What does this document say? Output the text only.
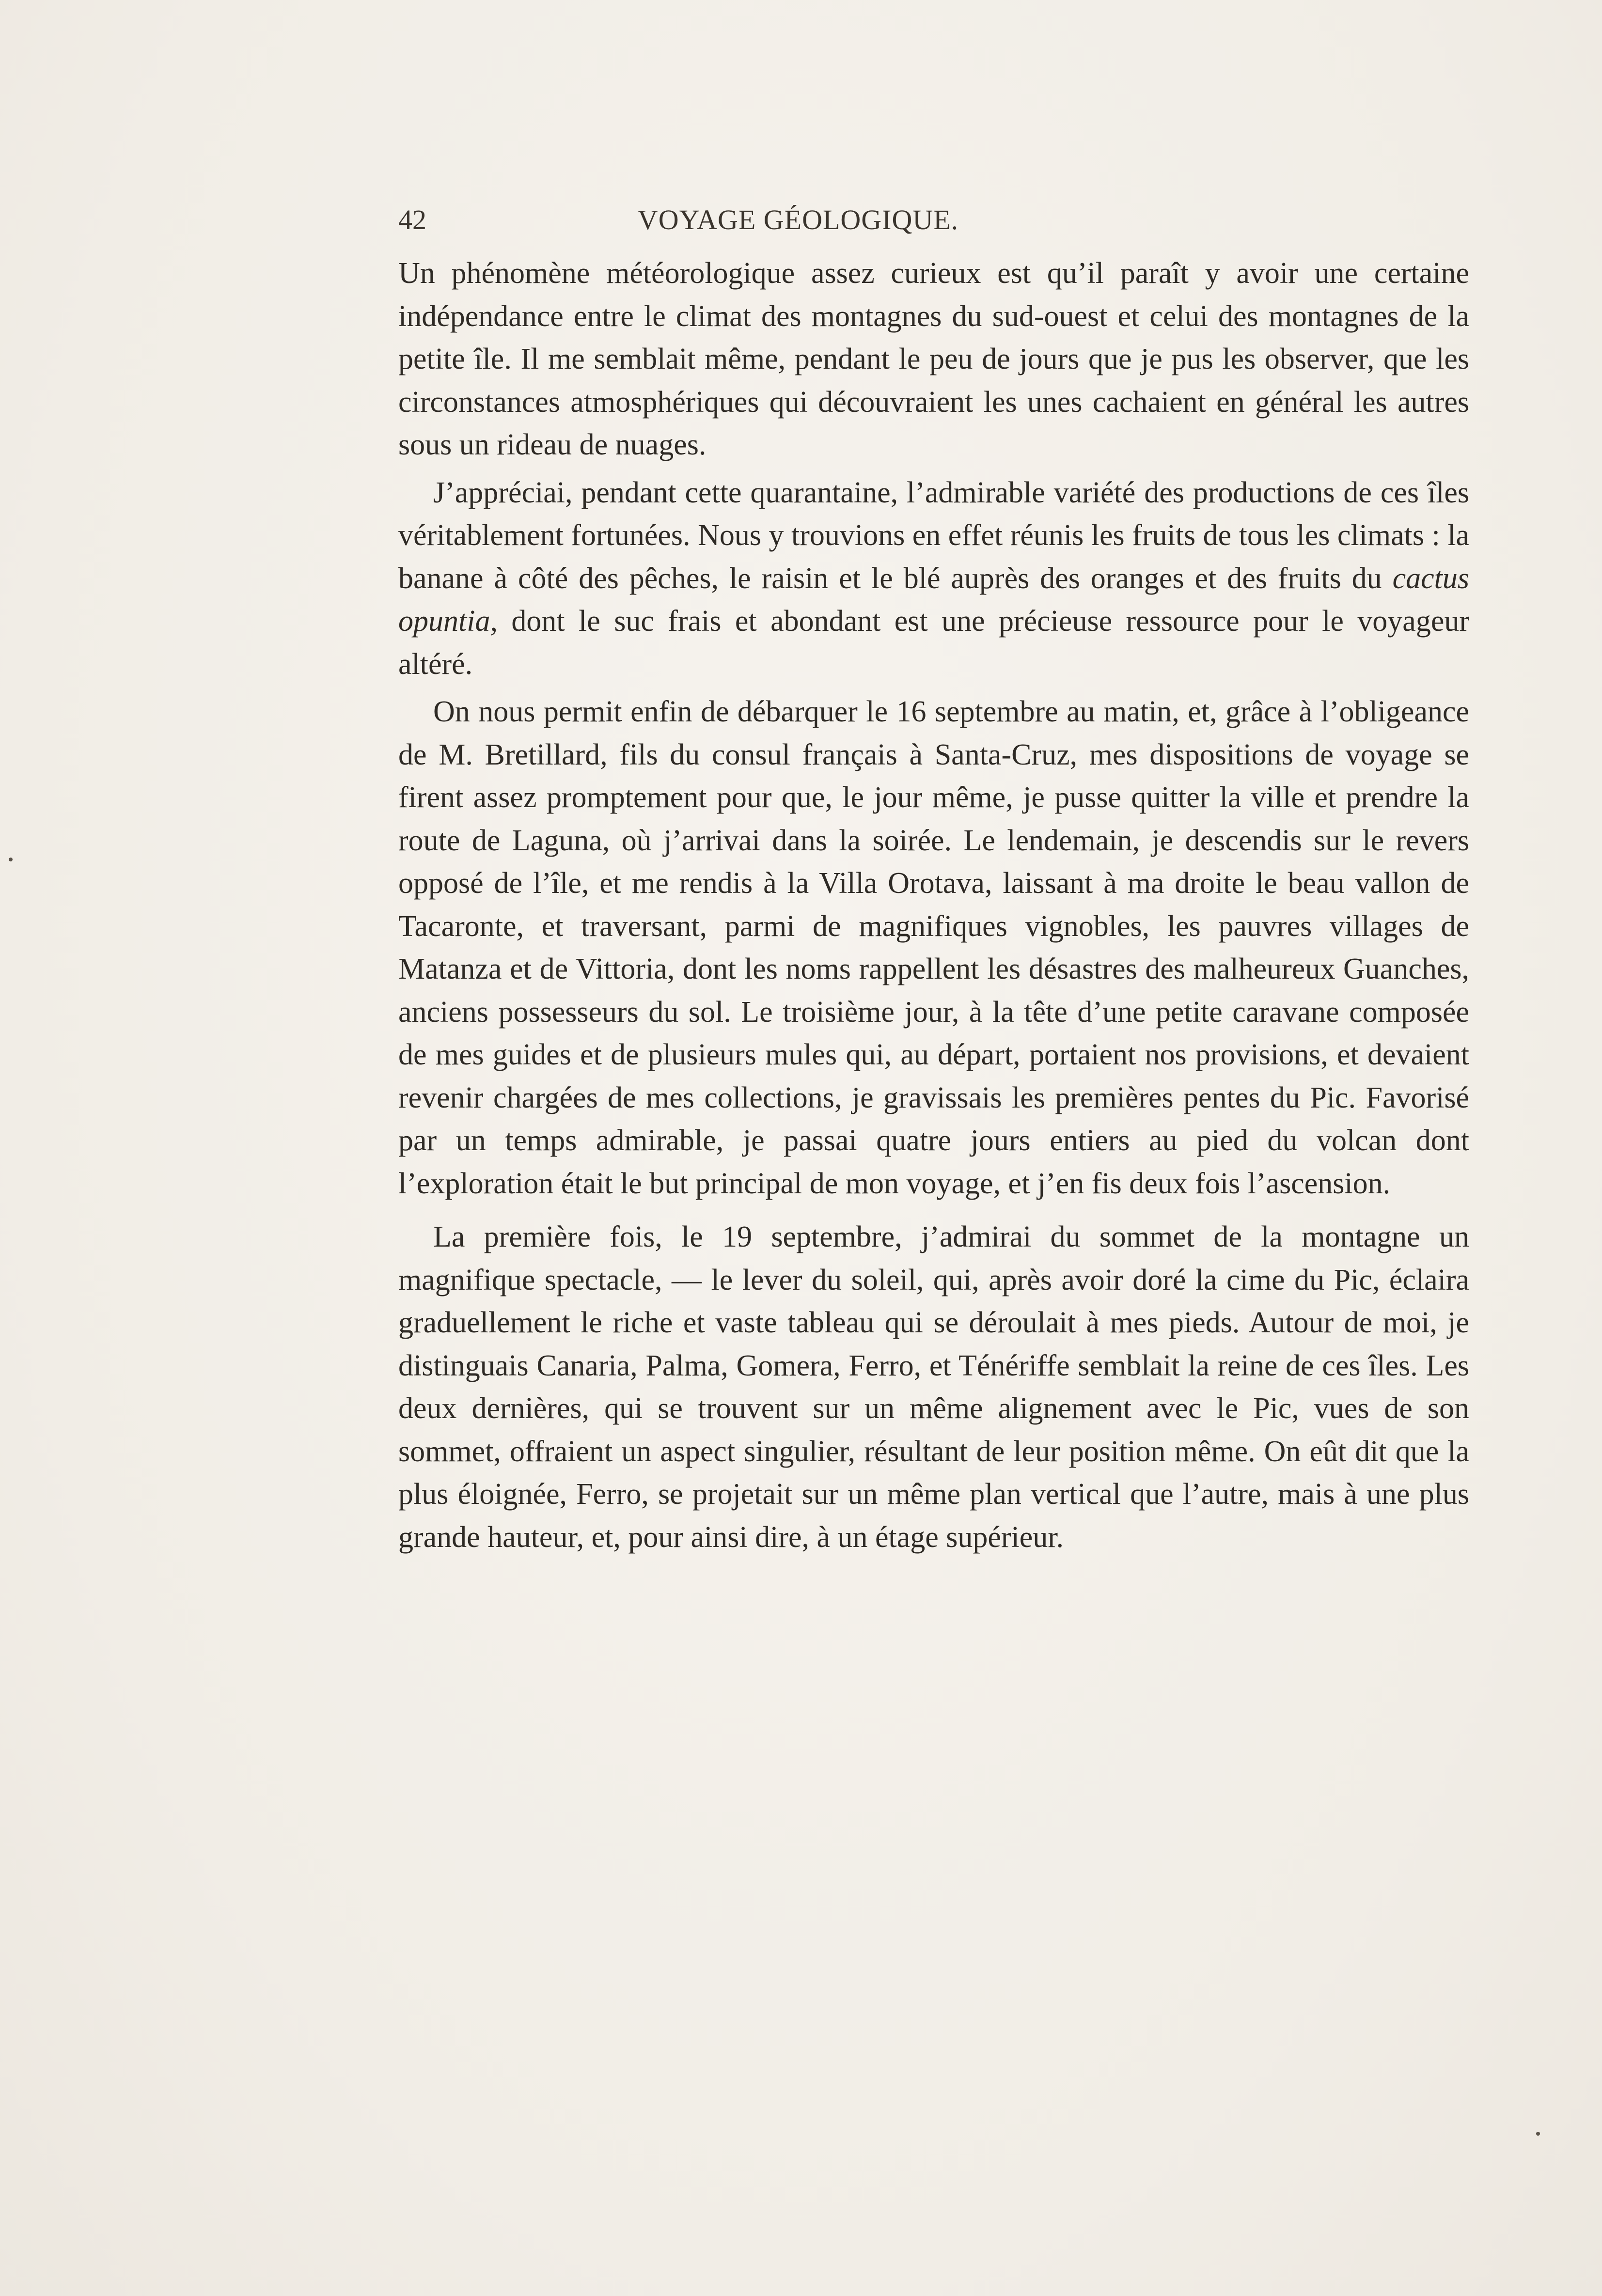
42	VOYAGE GÉOLOGIQUE.

Un phénomène météorologique assez curieux est qu’il paraît y avoir une certaine indépendance entre le climat des montagnes du sud-ouest et celui des montagnes de la petite île. Il me semblait même, pendant le peu de jours que je pus les observer, que les circonstances atmosphériques qui découvraient les unes cachaient en général les autres sous un rideau de nuages.

J’appréciai, pendant cette quarantaine, l’admirable variété des productions de ces îles véritablement fortunées. Nous y trouvions en effet réunis les fruits de tous les climats : la banane à côté des pêches, le raisin et le blé auprès des oranges et des fruits du cactus opuntia, dont le suc frais et abondant est une précieuse ressource pour le voyageur altéré.

On nous permit enfin de débarquer le 16 septembre au matin, et, grâce à l’obligeance de M. Bretillard, fils du consul français à Santa-Cruz, mes dispositions de voyage se firent assez promptement pour que, le jour même, je pusse quitter la ville et prendre la route de Laguna, où j’arrivai dans la soirée. Le lendemain, je descendis sur le revers opposé de l’île, et me rendis à la Villa Orotava, laissant à ma droite le beau vallon de Tacaronte, et traversant, parmi de magnifiques vignobles, les pauvres villages de Matanza et de Vittoria, dont les noms rappellent les désastres des malheureux Guanches, anciens possesseurs du sol. Le troisième jour, à la tête d’une petite caravane composée de mes guides et de plusieurs mules qui, au départ, portaient nos provisions, et devaient revenir chargées de mes collections, je gravissais les premières pentes du Pic. Favorisé par un temps admirable, je passai quatre jours entiers au pied du volcan dont l’exploration était le but principal de mon voyage, et j’en fis deux fois l’ascension.

La première fois, le 19 septembre, j’admirai du sommet de la montagne un magnifique spectacle, — le lever du soleil, qui, après avoir doré la cime du Pic, éclaira graduellement le riche et vaste tableau qui se déroulait à mes pieds. Autour de moi, je distinguais Canaria, Palma, Gomera, Ferro, et Ténériffe semblait la reine de ces îles. Les deux dernières, qui se trouvent sur un même alignement avec le Pic, vues de son sommet, offraient un aspect singulier, résultant de leur position même. On eût dit que la plus éloignée, Ferro, se projetait sur un même plan vertical que l’autre, mais à une plus grande hauteur, et, pour ainsi dire, à un étage supérieur.
